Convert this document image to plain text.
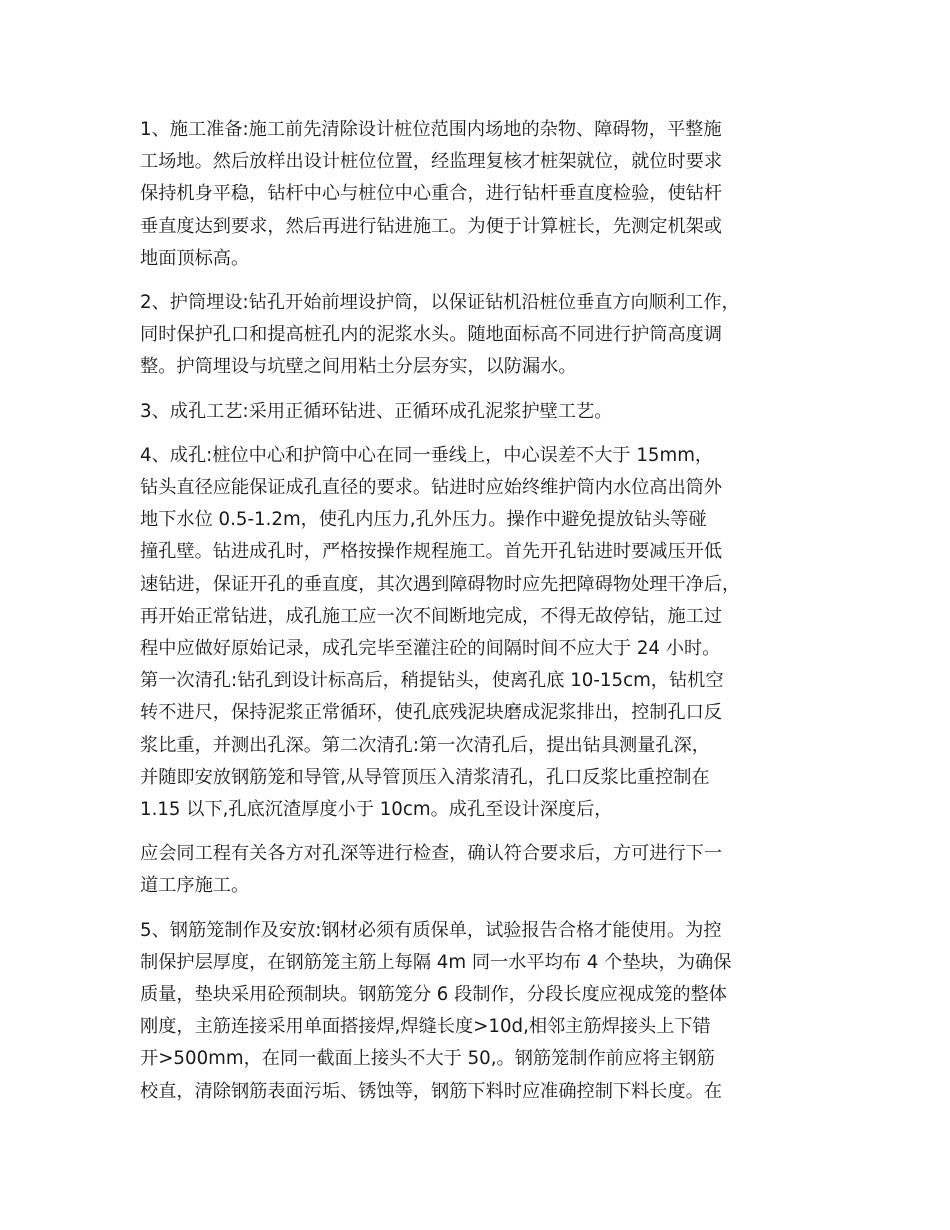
1、施工准备:施工前先清除设计桩位范围内场地的杂物、障碍物，平整施
工场地。然后放样出设计桩位位置，经监理复核才桩架就位，就位时要求
保持机身平稳，钻杆中心与桩位中心重合，进行钻杆垂直度检验，使钻杆
垂直度达到要求，然后再进行钻进施工。为便于计算桩长，先测定机架或
地面顶标高。
2、护筒埋设:钻孔开始前埋设护筒，以保证钻机沿桩位垂直方向顺利工作，
同时保护孔口和提高桩孔内的泥浆水头。随地面标高不同进行护筒高度调
整。护筒埋设与坑壁之间用粘土分层夯实，以防漏水。
3、成孔工艺:采用正循环钻进、正循环成孔泥浆护壁工艺。
4、成孔:桩位中心和护筒中心在同一垂线上，中心误差不大于 15mm，
钻头直径应能保证成孔直径的要求。钻进时应始终维护筒内水位高出筒外
地下水位 0.5-1.2m，使孔内压力,孔外压力。操作中避免提放钻头等碰
撞孔壁。钻进成孔时，严格按操作规程施工。首先开孔钻进时要减压开低
速钻进，保证开孔的垂直度，其次遇到障碍物时应先把障碍物处理干净后，
再开始正常钻进，成孔施工应一次不间断地完成，不得无故停钻，施工过
程中应做好原始记录，成孔完毕至灌注砼的间隔时间不应大于 24 小时。
第一次清孔:钻孔到设计标高后，稍提钻头，使离孔底 10-15cm，钻机空
转不进尺，保持泥浆正常循环，使孔底残泥块磨成泥浆排出，控制孔口反
浆比重，并测出孔深。第二次清孔:第一次清孔后，提出钻具测量孔深，
并随即安放钢筋笼和导管,从导管顶压入清浆清孔，孔口反浆比重控制在
1.15 以下,孔底沉渣厚度小于 10cm。成孔至设计深度后，
应会同工程有关各方对孔深等进行检查，确认符合要求后，方可进行下一
道工序施工。
5、钢筋笼制作及安放:钢材必须有质保单，试验报告合格才能使用。为控
制保护层厚度，在钢筋笼主筋上每隔 4m 同一水平均布 4 个垫块，为确保
质量，垫块采用砼预制块。钢筋笼分 6 段制作，分段长度应视成笼的整体
刚度，主筋连接采用单面搭接焊,焊缝长度>10d,相邻主筋焊接头上下错
开>500mm，在同一截面上接头不大于 50,。钢筋笼制作前应将主钢筋
校直，清除钢筋表面污垢、锈蚀等，钢筋下料时应准确控制下料长度。在
